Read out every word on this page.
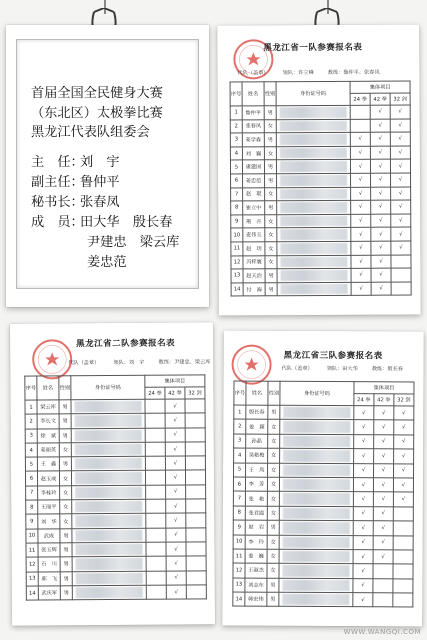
首届全国全民健身大赛
（东北区）太极拳比赛
黑龙江代表队组委会
主　任：刘　宇
副主任：鲁仲平
秘书长：张春凤
成　员：田大华　殷长春
尹建忠　梁云库
姜忠范
黑龙江省一队参赛报名表
代队（盖章）	领队：许立峰	教练：鲁仲平、张春凤
序号	姓名	性别	身份证号码	集体项目		
				24 拳	42 拳	32 剑
1	鲁仲平	男			√	√
2	张春凤	女			√	√
3	姜学森	男		√	√	√
4	刘　巍	女		√	√	√
5	康建国	男		√	√	√
6	姜忠范	男		√	√	√
7	赵　琨	女		√	√	√
8	崔立中	男		√	√	√
9	荆　卉	女		√	√	√
10	麦伟玉	女		√	√	√
11	赵　玥	女		√	√	√
12	冯梓寰	女		√	√	
13	赵天治	男		√	√	
14	付　海	男		√	√	
黑龙江省二队参赛报名表
代队（盖章）	领队：刘　宇	教练：尹建忠、梁云库
序号	姓名	性别	身份证号码	集体项目		
				24 拳	42 拳	32 剑
1	梁云库	男			√	
2	李长文	男			√	
3	徐　斌	男			√	
4	姜丽英	女			√	
5	王　鑫	男			√	
6	赵玉成	女			√	
7	李桂玲	女			√	
8	王丽平	女			√	
9	刘　华	女			√	
10	武成	男			√	
11	张玉辉	男			√	
12	石　川	男			√	
13	郭　飞	男			√	
14	武庆军	男			√	
黑龙江省三队参赛报名表
代队（盖章）	领队：田大华	教练：殷长春
序号	姓名	性别	身份证号码	集体项目		
				24 拳	42 拳	32 剑
1	殷长春	男		√	√	√
2	姜　颖	女		√	√	√
3	孙晶	女		√	√	√
4	吴艳梅	女		√	√	√
5	王　凤	女		√	√	√
6	李　芳	女		√	√	√
7	张　艳	女		√	√	√
8	张君霞	女		√	√	
9	赵　岩	男		√	√	
10	李　玲	女		√	√	
11	姜　巍	女		√	√	
12	王淑杰	女		√		
13	刘志东	男		√		
14	韩宏伟	男		√		
WWW.WANGQI.COM
